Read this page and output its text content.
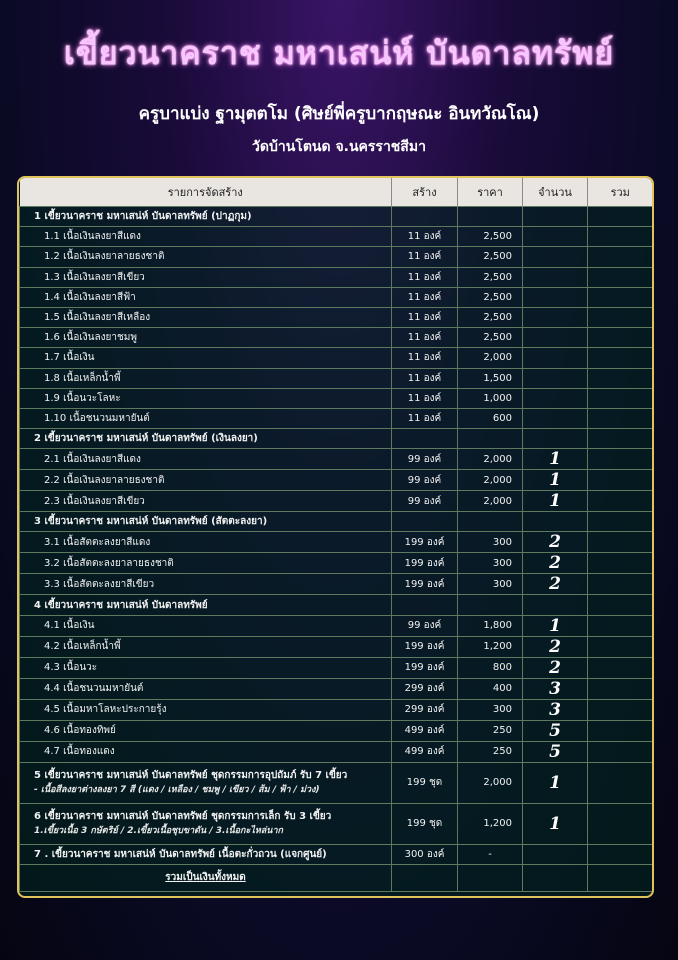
เขี้ยวนาคราช มหาเสน่ห์ บันดาลทรัพย์
ครูบาแบ่ง ฐามุตตโม (ศิษย์พี่ครูบากฤษณะ อินทวัณโณ)
วัดบ้านโตนด จ.นครราชสีมา
รายการจัดสร้าง	สร้าง	ราคา	จำนวน	รวม
1 เขี้ยวนาคราช มหาเสน่ห์ บันดาลทรัพย์ (ปาฏกุม)				
1.1 เนื้อเงินลงยาสีแดง	11 องค์	2,500		
1.2 เนื้อเงินลงยาลายธงชาติ	11 องค์	2,500		
1.3 เนื้อเงินลงยาสีเขียว	11 องค์	2,500		
1.4 เนื้อเงินลงยาสีฟ้า	11 องค์	2,500		
1.5 เนื้อเงินลงยาสีเหลือง	11 องค์	2,500		
1.6 เนื้อเงินลงยาชมพู	11 องค์	2,500		
1.7 เนื้อเงิน	11 องค์	2,000		
1.8 เนื้อเหล็กน้ำพี้	11 องค์	1,500		
1.9 เนื้อนวะโลหะ	11 องค์	1,000		
1.10 เนื้อชนวนมหายันต์	11 องค์	600		
2 เขี้ยวนาคราช มหาเสน่ห์ บันดาลทรัพย์ (เงินลงยา)				
2.1 เนื้อเงินลงยาสีแดง	99 องค์	2,000	1	
2.2 เนื้อเงินลงยาลายธงชาติ	99 องค์	2,000	1	
2.3 เนื้อเงินลงยาสีเขียว	99 องค์	2,000	1	
3 เขี้ยวนาคราช มหาเสน่ห์ บันดาลทรัพย์ (สัตตะลงยา)				
3.1 เนื้อสัตตะลงยาสีแดง	199 องค์	300	2	
3.2 เนื้อสัตตะลงยาลายธงชาติ	199 องค์	300	2	
3.3 เนื้อสัตตะลงยาสีเขียว	199 องค์	300	2	
4 เขี้ยวนาคราช มหาเสน่ห์ บันดาลทรัพย์				
4.1 เนื้อเงิน	99 องค์	1,800	1	
4.2 เนื้อเหล็กน้ำพี้	199 องค์	1,200	2	
4.3 เนื้อนวะ	199 องค์	800	2	
4.4 เนื้อชนวนมหายันต์	299 องค์	400	3	
4.5 เนื้อมหาโลหะประกายรุ้ง	299 องค์	300	3	
4.6 เนื้อทองทิพย์	499 องค์	250	5	
4.7 เนื้อทองแดง	499 องค์	250	5	

5 เขี้ยวนาคราช มหาเสน่ห์ บันดาลทรัพย์ ชุดกรรมการอุปถัมภ์ รับ 7 เขี้ยว
- เนื้อสีลงยาต่างลงยา 7 สี (แดง / เหลือง / ชมพู / เขียว / ส้ม / ฟ้า / ม่วง)	199 ชุด	2,000	1	

6 เขี้ยวนาคราช มหาเสน่ห์ บันดาลทรัพย์ ชุดกรรมการเล็ก รับ 3 เขี้ยว
1.เขี้ยวเนื้อ 3 กษัตริย์ / 2.เขี้ยวเนื้อชุบขาดัน / 3.เนื้อกะไหล่นาก	199 ชุด	1,200	1	
7 . เขี้ยวนาคราช มหาเสน่ห์ บันดาลทรัพย์ เนื้อตะกั่วถวน (แจกศูนย์)	300 องค์	-		
รวมเป็นเงินทั้งหมด				
